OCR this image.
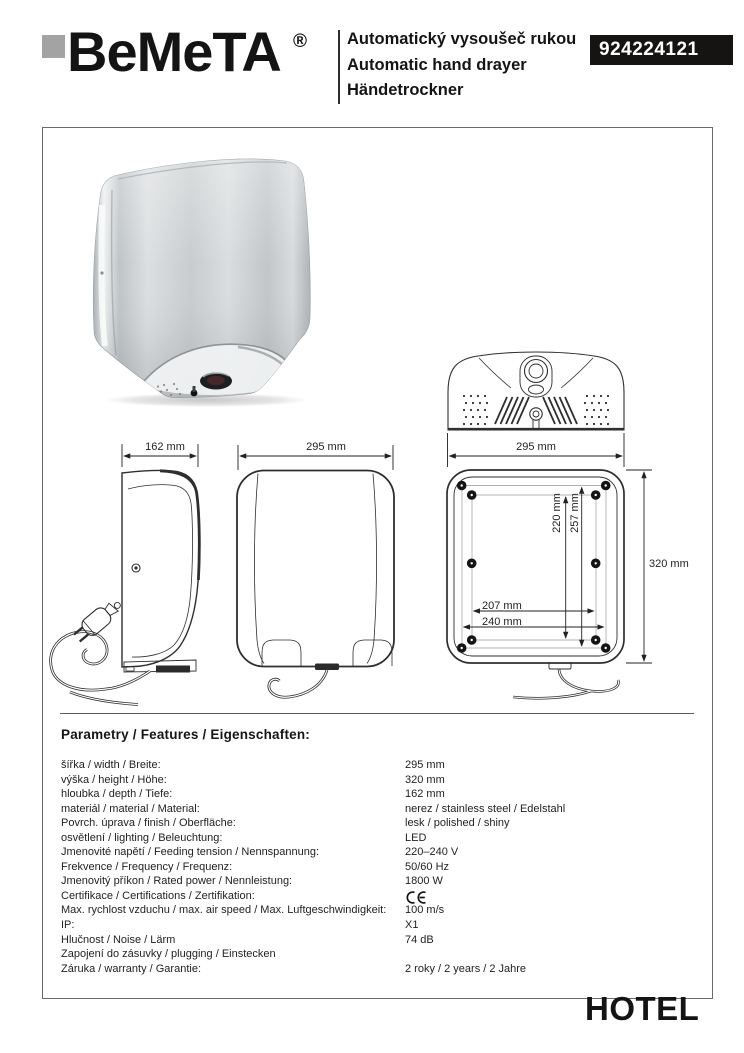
BeMeTA ® Automatický vysoušeč rukou
Automatic hand drayer
Händetrockner
924224121
162 mm	295 mm	295 mm
320 mm
220 mm 257 mm
207 mm
240 mm
Parametry / Features / Eigenschaften:
šířka / width / Breite:	295 mm
výška / height / Höhe:	320 mm
hloubka / depth / Tiefe:	162 mm
materiál / material / Material:	nerez / stainless steel / Edelstahl
Povrch. úprava / finish / Oberfläche:	lesk / polished / shiny
osvětlení / lighting / Beleuchtung:	LED
Jmenovité napětí / Feeding tension / Nennspannung:	220–240 V
Frekvence / Frequency / Frequenz:	50/60 Hz
Jmenovitý příkon / Rated power / Nennleistung:	1800 W
Certifikace / Certifications / Zertifikation:
Max. rychlost vzduchu / max. air speed / Max. Luftgeschwindigkeit: 100 m/s
IP:	X1
Hlučnost / Noise / Lärm	74 dB
Zapojení do zásuvky / plugging / Einstecken
Záruka / warranty / Garantie:	2 roky / 2 years / 2 Jahre
HOTEL
